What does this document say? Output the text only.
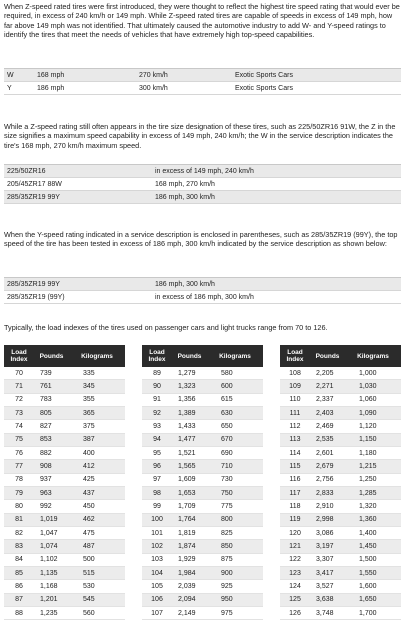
When Z-speed rated tires were first introduced, they were thought to reflect the highest tire speed rating that would ever be required, in excess of 240 km/h or 149 mph. While Z-speed rated tires are capable of speeds in excess of 149 mph, how far above 149 mph was not identified. That ultimately caused the automotive industry to add W- and Y-speed ratings to identify the tires that meet the needs of vehicles that have extremely high top-speed capabilities.

W	168 mph	270 km/h	Exotic Sports Cars
Y	186 mph	300 km/h	Exotic Sports Cars

While a Z-speed rating still often appears in the tire size designation of these tires, such as 225/50ZR16 91W, the Z in the size signifies a maximum speed capability in excess of 149 mph, 240 km/h; the W in the service description indicates the tire's 168 mph, 270 km/h maximum speed.

225/50ZR16	in excess of 149 mph, 240 km/h
205/45ZR17 88W	168 mph, 270 km/h
285/35ZR19 99Y	186 mph, 300 km/h

When the Y-speed rating indicated in a service description is enclosed in parentheses, such as 285/35ZR19 (99Y), the top speed of the tire has been tested in excess of 186 mph, 300 km/h indicated by the service description as shown below:

285/35ZR19 99Y	186 mph, 300 km/h
285/35ZR19 (99Y)	in excess of 186 mph, 300 km/h

Typically, the load indexes of the tires used on passenger cars and light trucks range from 70 to 126.

Load
Index	Pounds	Kilograms
70	739	335
71	761	345
72	783	355
73	805	365
74	827	375
75	853	387
76	882	400
77	908	412
78	937	425
79	963	437
80	992	450
81	1,019	462
82	1,047	475
83	1,074	487
84	1,102	500
85	1,135	515
86	1,168	530
87	1,201	545
88	1,235	560
Load
Index	Pounds	Kilograms
89	1,279	580
90	1,323	600
91	1,356	615
92	1,389	630
93	1,433	650
94	1,477	670
95	1,521	690
96	1,565	710
97	1,609	730
98	1,653	750
99	1,709	775
100	1,764	800
101	1,819	825
102	1,874	850
103	1,929	875
104	1,984	900
105	2,039	925
106	2,094	950
107	2,149	975
Load
Index	Pounds	Kilograms
108	2,205	1,000
109	2,271	1,030
110	2,337	1,060
111	2,403	1,090
112	2,469	1,120
113	2,535	1,150
114	2,601	1,180
115	2,679	1,215
116	2,756	1,250
117	2,833	1,285
118	2,910	1,320
119	2,998	1,360
120	3,086	1,400
121	3,197	1,450
122	3,307	1,500
123	3,417	1,550
124	3,527	1,600
125	3,638	1,650
126	3,748	1,700
